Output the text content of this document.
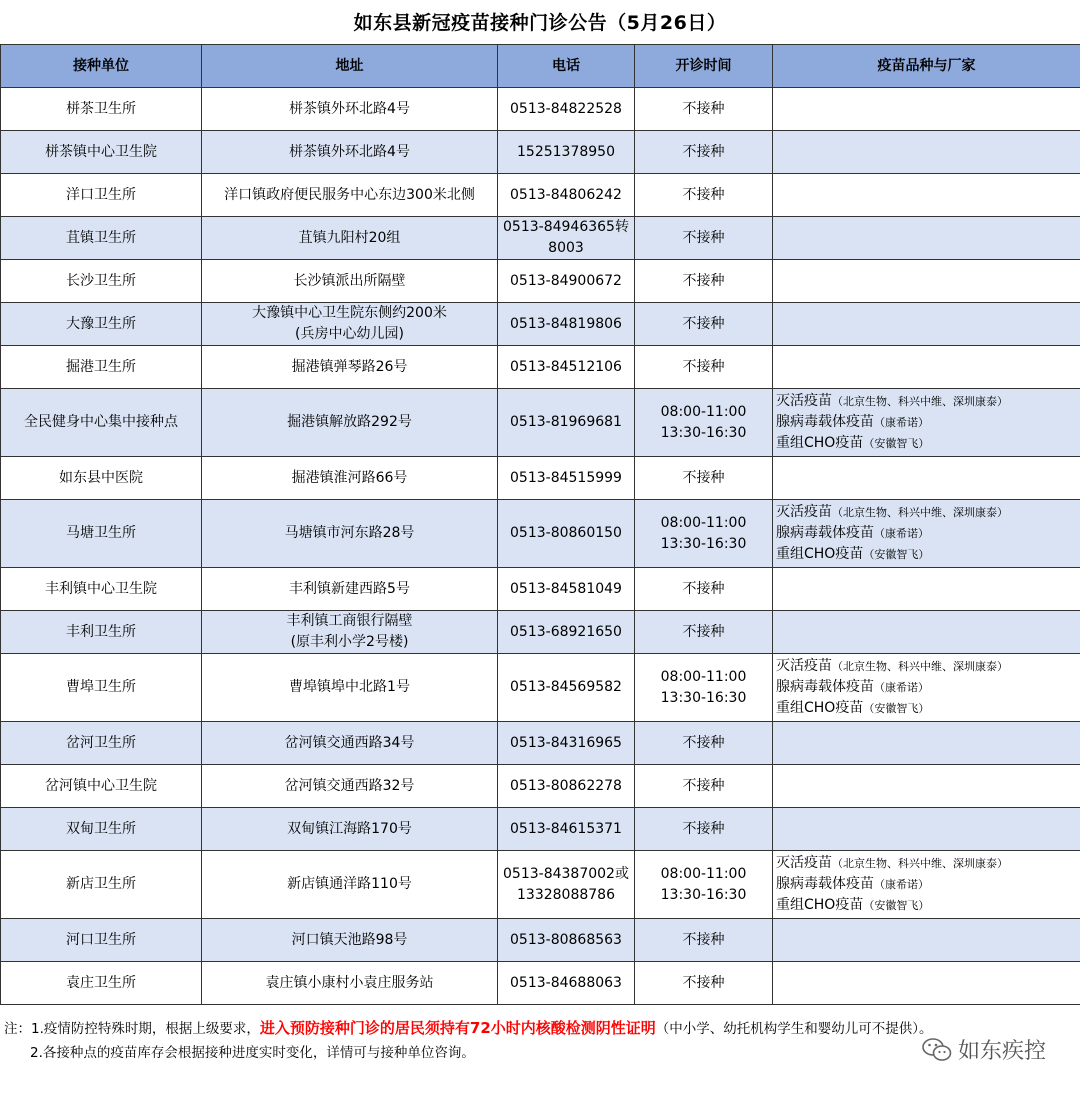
如东县新冠疫苗接种门诊公告（5月26日）
接种单位	地址	电话	开诊时间	疫苗品种与厂家
栟茶卫生所	栟茶镇外环北路4号	0513-84822528	不接种	

栟茶镇中心卫生院	栟茶镇外环北路4号	15251378950	不接种	

洋口卫生所	洋口镇政府便民服务中心东边300米北侧	0513-84806242	不接种	

苴镇卫生所	苴镇九阳村20组	0513-84946365转
8003	不接种	

长沙卫生所	长沙镇派出所隔壁	0513-84900672	不接种	

大豫卫生所	大豫镇中心卫生院东侧约200米
(兵房中心幼儿园)	0513-84819806	不接种	

掘港卫生所	掘港镇弹琴路26号	0513-84512106	不接种	

全民健身中心集中接种点	掘港镇解放路292号	0513-81969681	08:00-11:00
13:30-16:30	灭活疫苗（北京生物、科兴中维、深圳康泰）
腺病毒载体疫苗（康希诺）
重组CHO疫苗（安徽智飞）

如东县中医院	掘港镇淮河路66号	0513-84515999	不接种	

马塘卫生所	马塘镇市河东路28号	0513-80860150	08:00-11:00
13:30-16:30	灭活疫苗（北京生物、科兴中维、深圳康泰）
腺病毒载体疫苗（康希诺）
重组CHO疫苗（安徽智飞）

丰利镇中心卫生院	丰利镇新建西路5号	0513-84581049	不接种	

丰利卫生所	丰利镇工商银行隔壁
(原丰利小学2号楼)	0513-68921650	不接种	

曹埠卫生所	曹埠镇埠中北路1号	0513-84569582	08:00-11:00
13:30-16:30	灭活疫苗（北京生物、科兴中维、深圳康泰）
腺病毒载体疫苗（康希诺）
重组CHO疫苗（安徽智飞）

岔河卫生所	岔河镇交通西路34号	0513-84316965	不接种	

岔河镇中心卫生院	岔河镇交通西路32号	0513-80862278	不接种	

双甸卫生所	双甸镇江海路170号	0513-84615371	不接种	

新店卫生所	新店镇通洋路110号	0513-84387002或
13328088786	08:00-11:00
13:30-16:30	灭活疫苗（北京生物、科兴中维、深圳康泰）
腺病毒载体疫苗（康希诺）
重组CHO疫苗（安徽智飞）

河口卫生所	河口镇天池路98号	0513-80868563	不接种	

袁庄卫生所	袁庄镇小康村小袁庄服务站	0513-84688063	不接种	

注：1.疫情防控特殊时期，根据上级要求，进入预防接种门诊的居民须持有72小时内核酸检测阴性证明（中小学、幼托机构学生和婴幼儿可不提供）。
2.各接种点的疫苗库存会根据接种进度实时变化，详情可与接种单位咨询。	如东疾控
